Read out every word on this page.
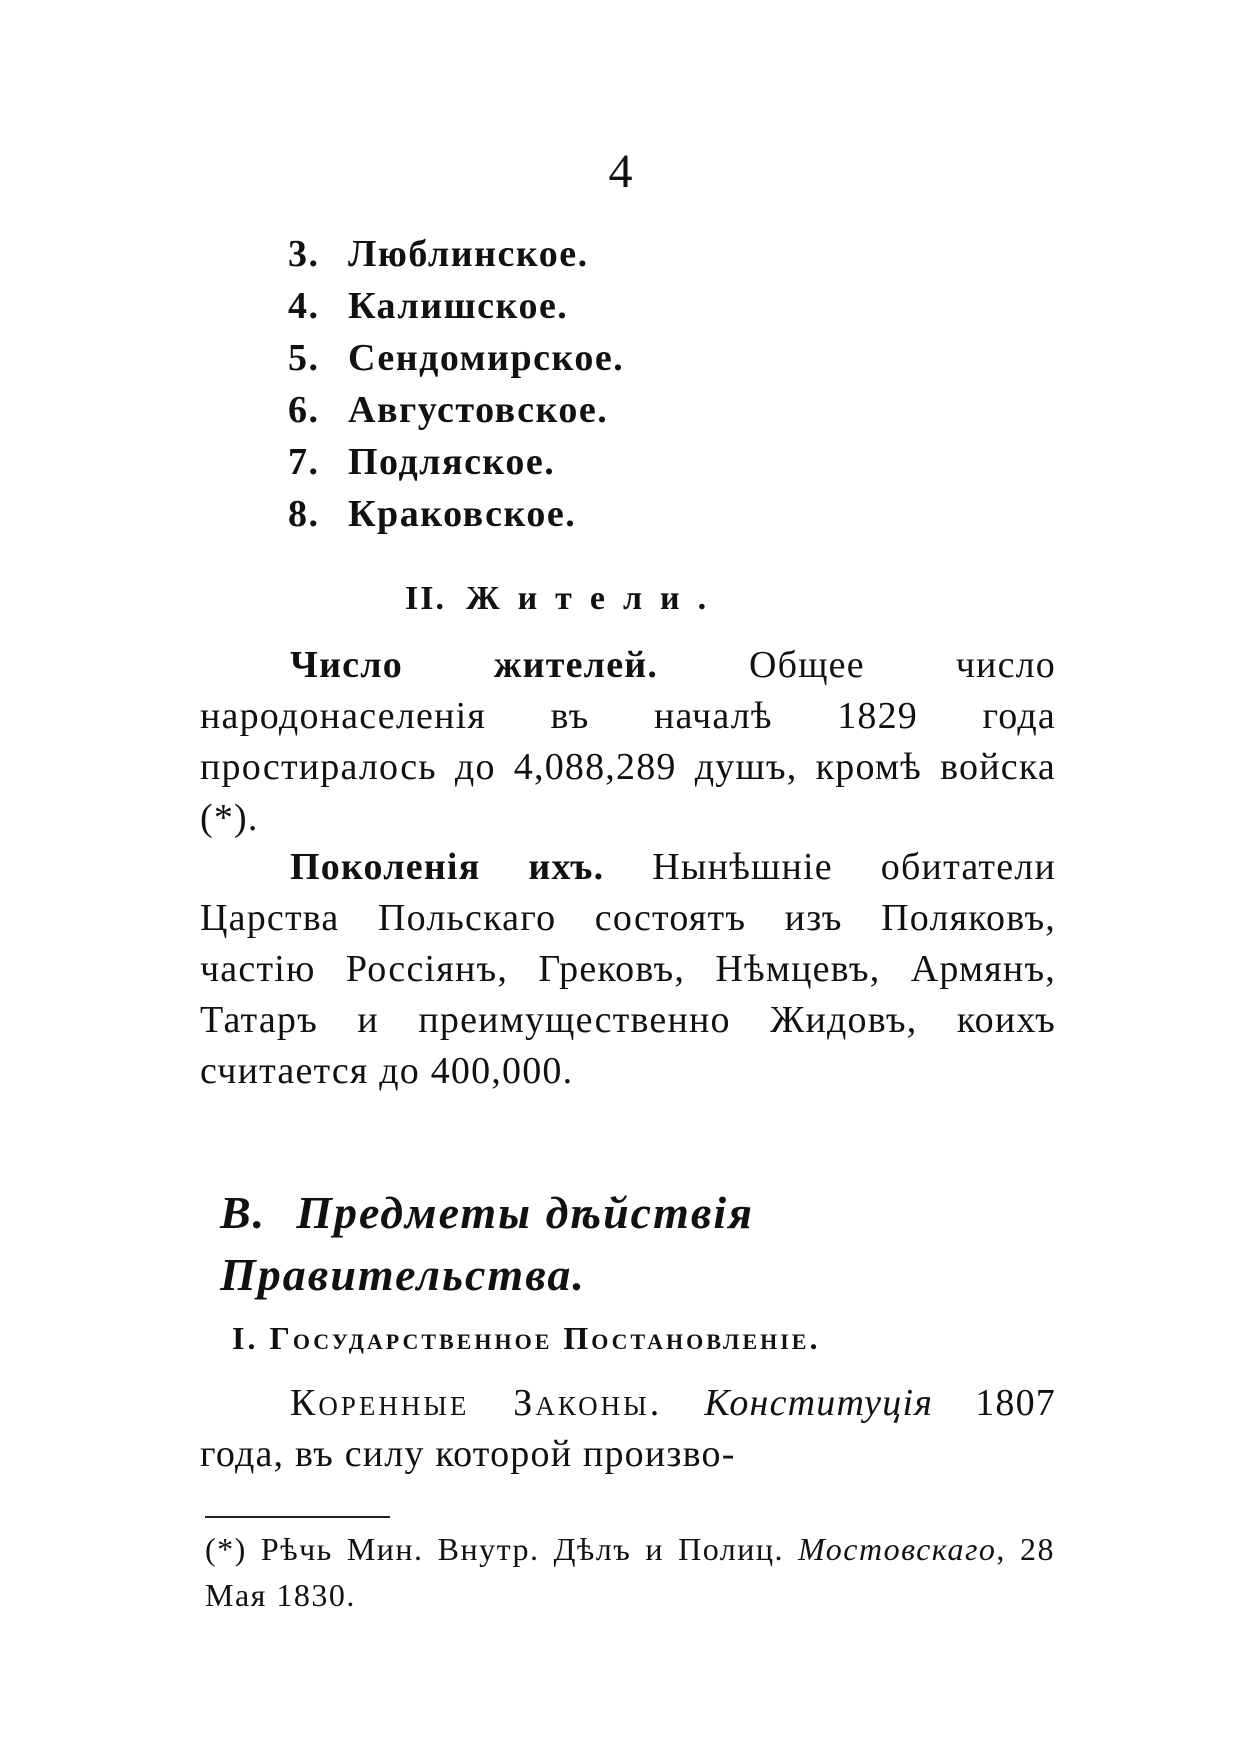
4
3. Люблинское.
4. Калишское.
5. Сендомирское.
6. Августовское.
7. Подляское.
8. Краковское.
II. Жители.

Число жителей. Общее число народонаселенія въ началѣ 1829 года простиралось до 4,088,289 душъ, кромѣ войска (*).

Поколенія ихъ. Нынѣшніе обитатели Царства Польскаго состоятъ изъ Поляковъ, частію Россіянъ, Грековъ, Нѣмцевъ, Армянъ, Татаръ и преимущественно Жидовъ, коихъ считается до 400,000.

B. Предметы дѣйствія Правительства.
I. Государственное Постановленіе.

Коренные Законы. Конституція 1807 года, въ силу которой произво-

(*) Рѣчь Мин. Внутр. Дѣлъ и Полиц. Мостовскаго, 28 Мая 1830.
